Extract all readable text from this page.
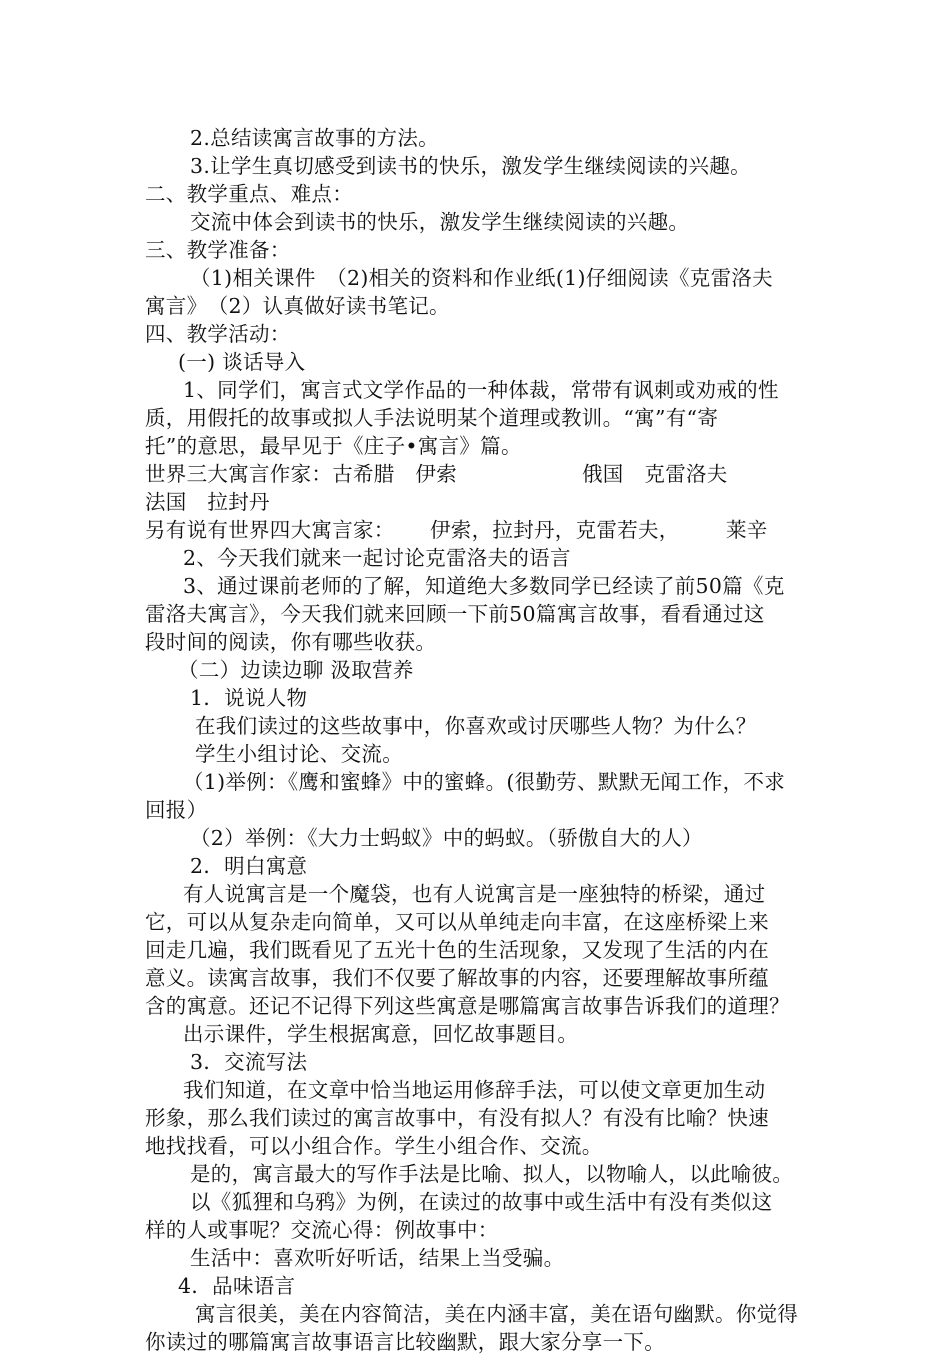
2.总结读寓言故事的方法。
3.让学生真切感受到读书的快乐，激发学生继续阅读的兴趣。
二、教学重点、难点：
交流中体会到读书的快乐，激发学生继续阅读的兴趣。
三、教学准备：
（1)相关课件　（2)相关的资料和作业纸(1)仔细阅读《克雷洛夫
寓言》　（2）认真做好读书笔记。
四、教学活动：
(一) 谈话导入
1、同学们，寓言式文学作品的一种体裁，常带有讽刺或劝戒的性
质，用假托的故事或拟人手法说明某个道理或教训。“寓”有“寄
托”的意思，最早见于《庄子•寓言》篇。
世界三大寓言作家：古希腊　伊索	俄国　克雷洛夫
法国　拉封丹
另有说有世界四大寓言家： 伊索，拉封丹，克雷若夫， 莱辛
2、今天我们就来一起讨论克雷洛夫的语言
3、通过课前老师的了解，知道绝大多数同学已经读了前50篇《克
雷洛夫寓言》，今天我们就来回顾一下前50篇寓言故事，看看通过这
段时间的阅读，你有哪些收获。
（二）边读边聊 汲取营养
1．说说人物
在我们读过的这些故事中，你喜欢或讨厌哪些人物？为什么？
学生小组讨论、交流。
（1)举例：《鹰和蜜蜂》中的蜜蜂。(很勤劳、默默无闻工作，不求
回报）
（2）举例：《大力士蚂蚁》中的蚂蚁。（骄傲自大的人）
2．明白寓意
有人说寓言是一个魔袋，也有人说寓言是一座独特的桥梁，通过
它，可以从复杂走向简单，又可以从单纯走向丰富，在这座桥梁上来
回走几遍，我们既看见了五光十色的生活现象，又发现了生活的内在
意义。读寓言故事，我们不仅要了解故事的内容，还要理解故事所蕴
含的寓意。还记不记得下列这些寓意是哪篇寓言故事告诉我们的道理？
出示课件，学生根据寓意，回忆故事题目。
3．交流写法
我们知道，在文章中恰当地运用修辞手法，可以使文章更加生动
形象，那么我们读过的寓言故事中，有没有拟人？有没有比喻？快速
地找找看，可以小组合作。学生小组合作、交流。
是的，寓言最大的写作手法是比喻、拟人，以物喻人，以此喻彼。
以《狐狸和乌鸦》为例，在读过的故事中或生活中有没有类似这
样的人或事呢？交流心得：例故事中：
生活中：喜欢听好听话，结果上当受骗。
4．品味语言
寓言很美，美在内容简洁，美在内涵丰富，美在语句幽默。你觉得
你读过的哪篇寓言故事语言比较幽默，跟大家分享一下。
